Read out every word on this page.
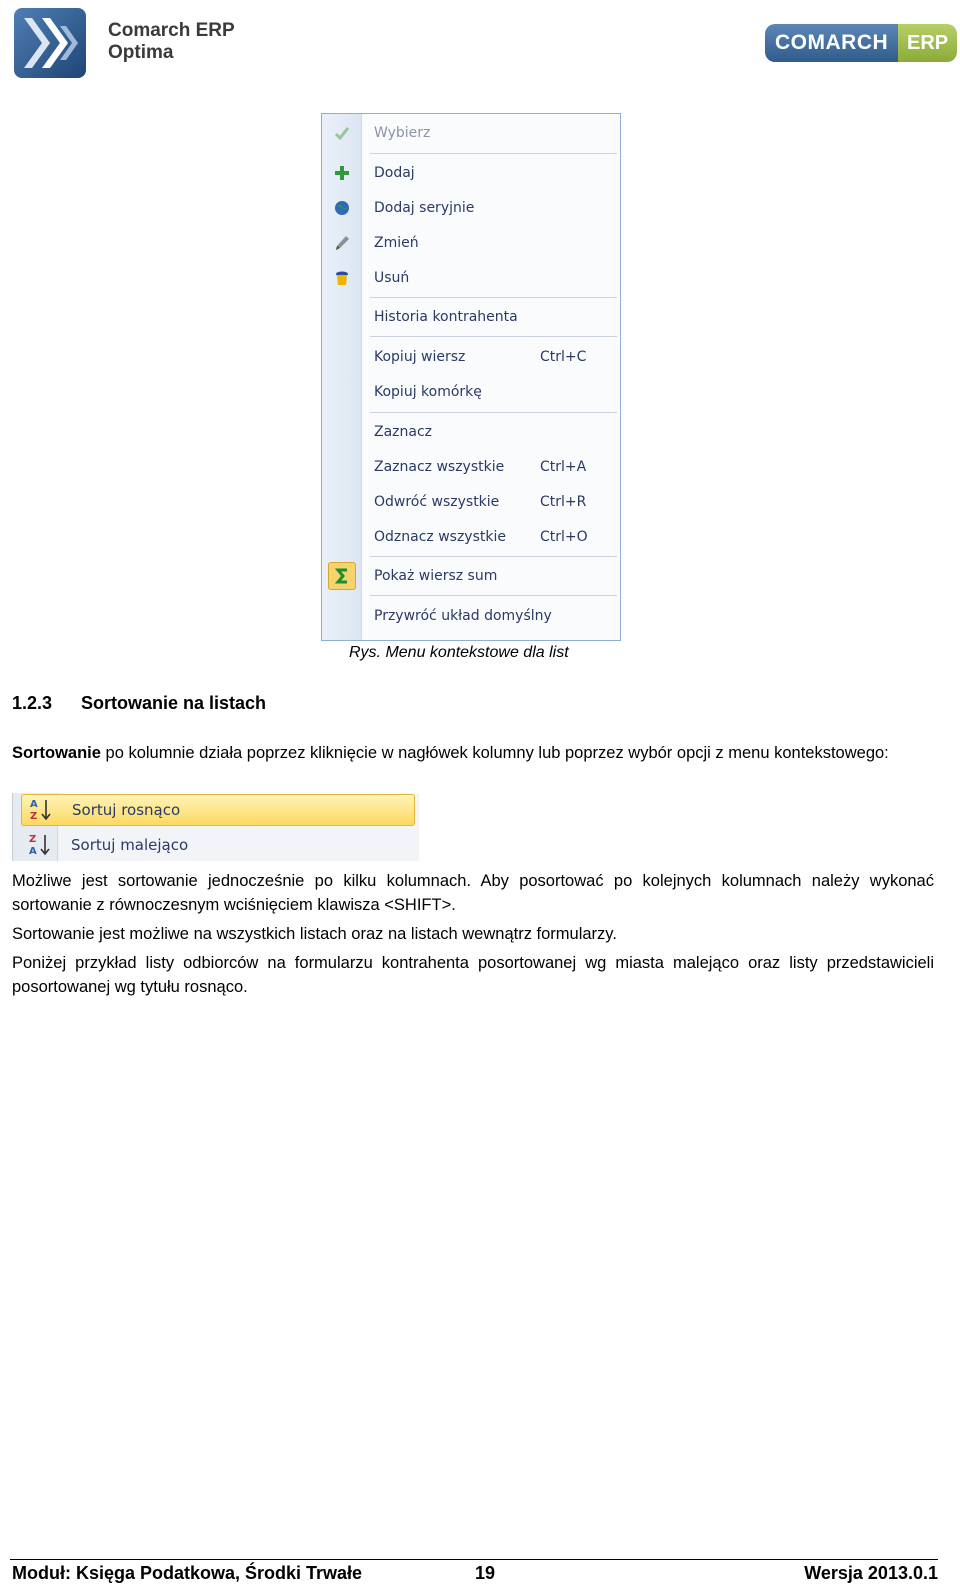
Comarch ERP
Optima	COMARCH ERP
Wybierz
Dodaj
Dodaj seryjnie
Zmień
Usuń
Historia kontrahenta
Kopiuj wiersz	Ctrl+C
Kopiuj komórkę
Zaznacz
Zaznacz wszystkie	Ctrl+A
Odwróć wszystkie	Ctrl+R
Odznacz wszystkie Ctrl+O
Pokaż wiersz sum
Przywróć układ domyślny
Rys. Menu kontekstowe dla list
1.2.3 Sortowanie na listach
Sortowanie po kolumnie działa poprzez kliknięcie w nagłówek kolumny lub poprzez wybór opcji z menu kontekstowego:
A
Z Sortuj rosnąco
Z
A Sortuj malejąco
Możliwe jest sortowanie jednocześnie po kilku kolumnach. Aby posortować po kolejnych kolumnach należy wykonać sortowanie z równoczesnym wciśnięciem klawisza <SHIFT>.
Sortowanie jest możliwe na wszystkich listach oraz na listach wewnątrz formularzy.
Poniżej przykład listy odbiorców na formularzu kontrahenta posortowanej wg miasta malejąco oraz listy przedstawicieli posortowanej wg tytułu rosnąco.
Moduł: Księga Podatkowa, Środki Trwałe	19	Wersja 2013.0.1
